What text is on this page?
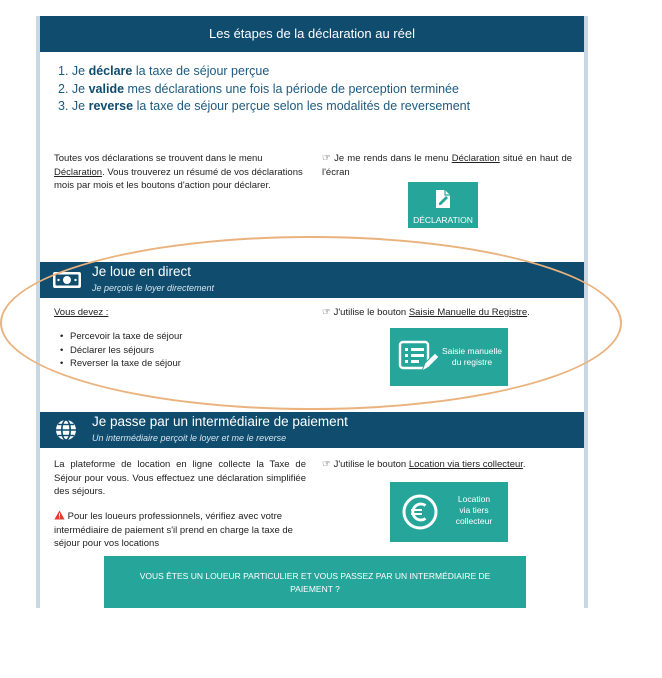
Les étapes de la déclaration au réel
1. Je déclare la taxe de séjour perçue
2. Je valide mes déclarations une fois la période de perception terminée
3. Je reverse la taxe de séjour perçue selon les modalités de reversement
Toutes vos déclarations se trouvent dans le menu Déclaration. Vous trouverez un résumé de vos déclarations mois par mois et les boutons d'action pour déclarer.
☞ Je me rends dans le menu Déclaration situé en haut de l'écran
DÉCLARATION
Je loue en direct
Je perçois le loyer directement
Vous devez :
• Percevoir la taxe de séjour
• Déclarer les séjours
• Reverser la taxe de séjour
☞ J'utilise le bouton Saisie Manuelle du Registre.
Saisie manuelle
du registre
Je passe par un intermédiaire de paiement
Un intermédiaire perçoit le loyer et me le reverse
La plateforme de location en ligne collecte la Taxe de Séjour pour vous. Vous effectuez une déclaration simplifiée des séjours.
Pour les loueurs professionnels, vérifiez avec votre intermédiaire de paiement s'il prend en charge la taxe de séjour pour vos locations
☞ J'utilise le bouton Location via tiers collecteur.
Location
via tiers
collecteur
VOUS ÊTES UN LOUEUR PARTICULIER ET VOUS PASSEZ PAR UN INTERMÉDIAIRE DE
PAIEMENT ?
